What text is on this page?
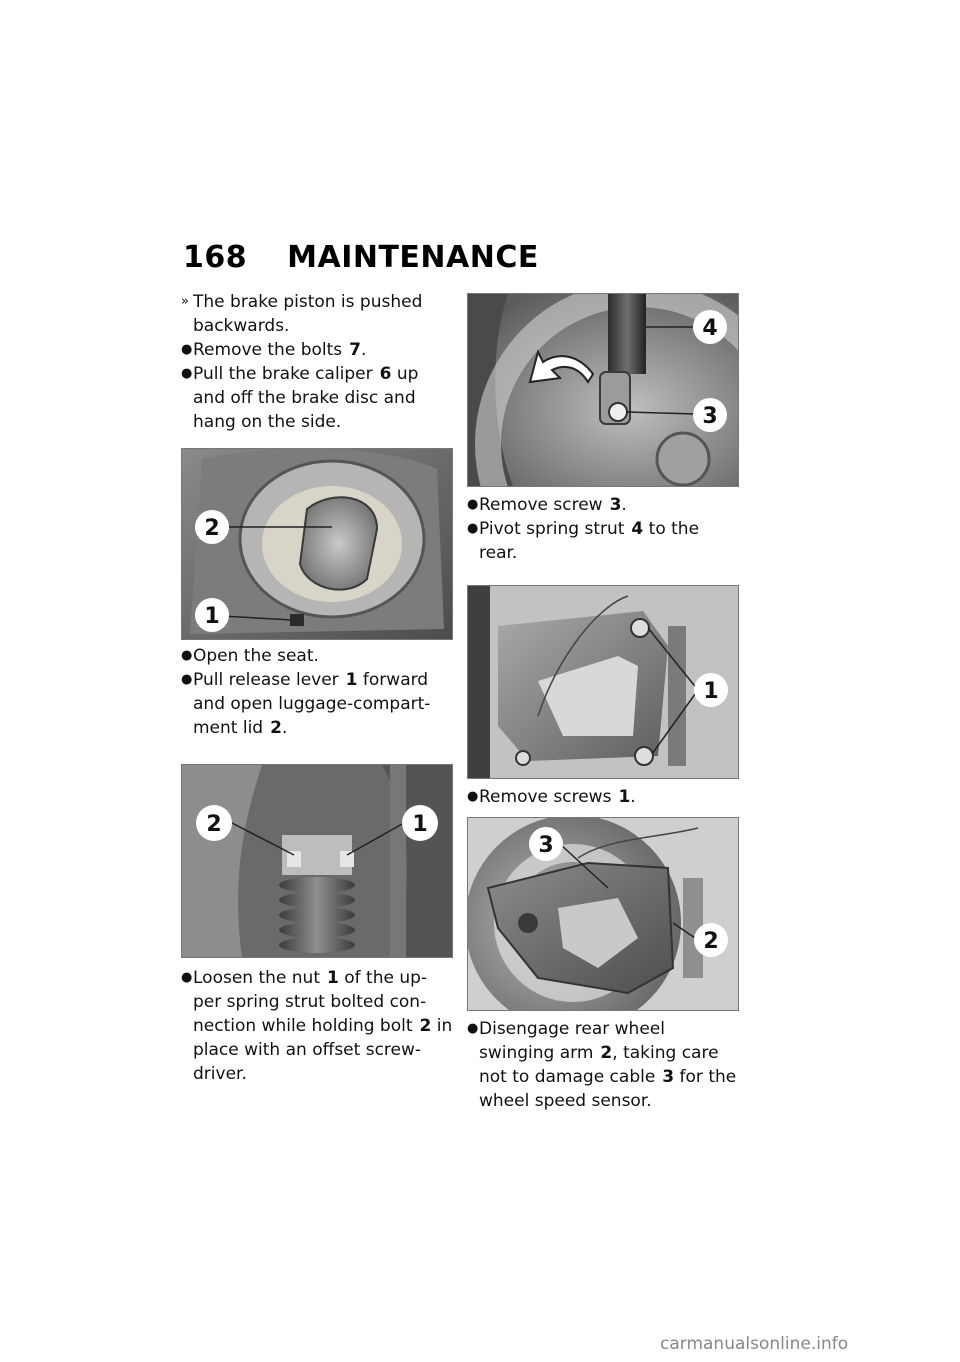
168 MAINTENANCE

» The brake piston is pushed backwards.

● Remove the bolts 7.

● Pull the brake caliper 6 up and off the brake disc and hang on the side.

2
1

● Open the seat.

● Pull release lever 1 forward and open luggage-compart-ment lid 2.

2	1

● Loosen the nut 1 of the up-per spring strut bolted con-nection while holding bolt 2 in place with an offset screw-driver.

4
3

● Remove screw 3.

● Pivot spring strut 4 to the rear.

1

● Remove screws 1.

3
2

● Disengage rear wheel swinging arm 2, taking care not to damage cable 3 for the wheel speed sensor.

carmanualsonline.info
